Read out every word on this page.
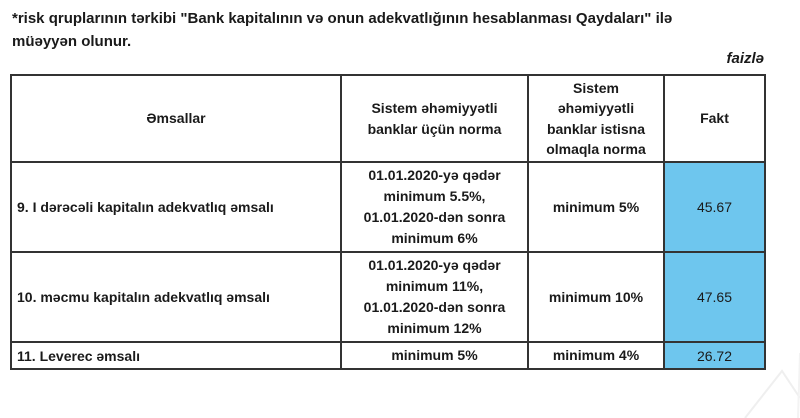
*risk qruplarının tərkibi "Bank kapitalının və onun adekvatlığının hesablanması Qaydaları" ilə
müəyyən olunur.
faizlə
Əmsallar	Sistem əhəmiyyətli banklar üçün norma	Sistem əhəmiyyətli banklar istisna olmaqla norma	Fakt
9. I dərəcəli kapitalın adekvatlıq əmsalı	01.01.2020-yə qədər minimum 5.5%, 01.01.2020-dən sonra minimum 6%	minimum 5%	45.67
10. məcmu kapitalın adekvatlıq əmsalı	01.01.2020-yə qədər minimum 11%, 01.01.2020-dən sonra minimum 12%	minimum 10%	47.65
11. Leverec əmsalı	minimum 5%	minimum 4%	26.72
